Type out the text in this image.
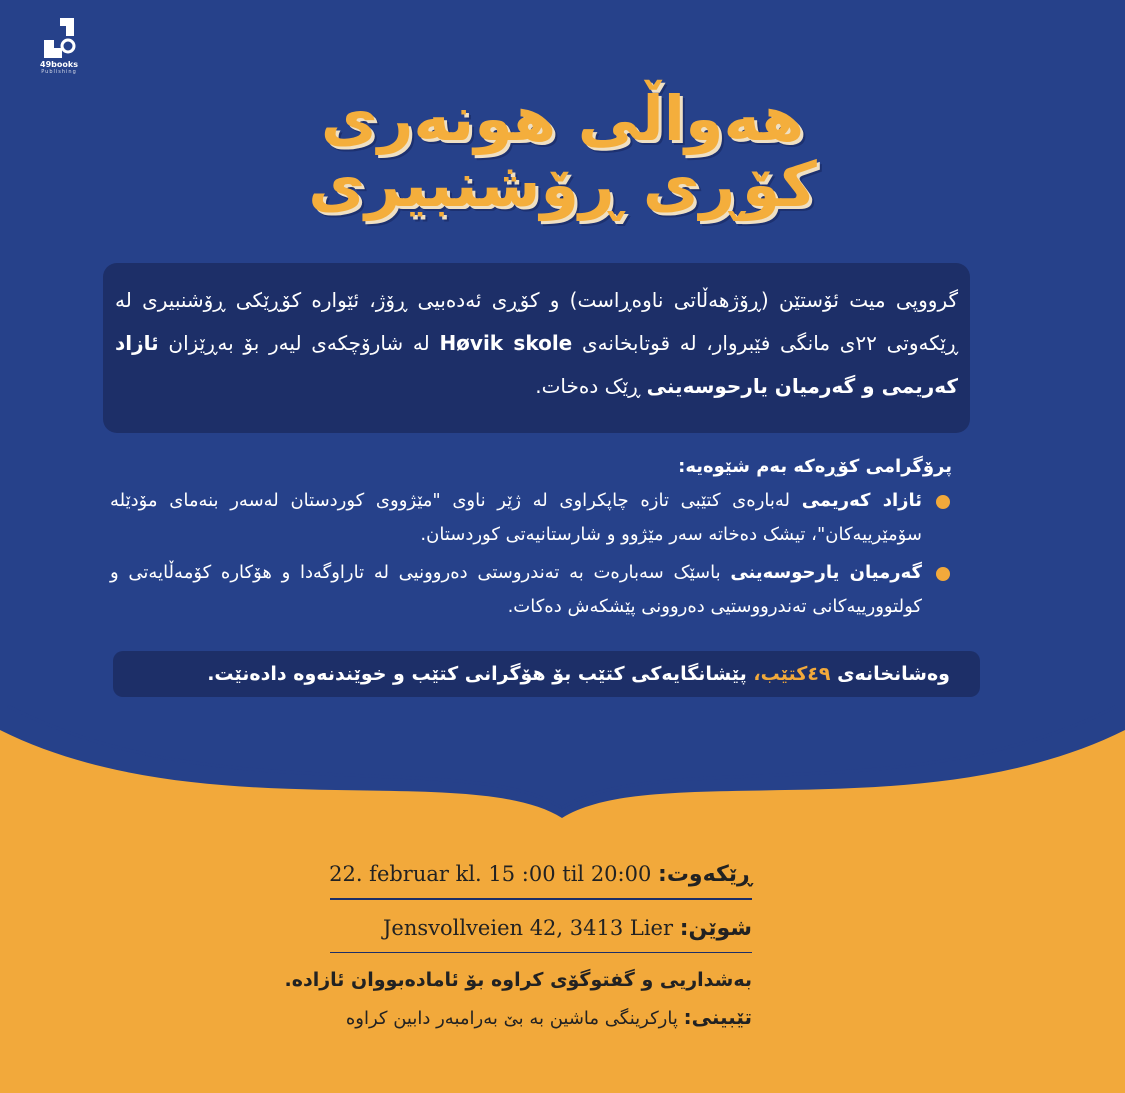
49books
Publishing
هەواڵی هونەری
کۆڕی ڕۆشنبیری
گرووپی میت ئۆستێن (ڕۆژهەڵاتی ناوەڕاست) و کۆڕی ئەدەبیی ڕۆژ، ئێوارە کۆڕێکی ڕۆشنبیری لە ڕێکەوتی ٢٢ی مانگی فێبروار، لە قوتابخانەی Høvik skole لە شارۆچکەی لیەر بۆ بەڕێزان ئازاد کەریمی و گەرمیان یارحوسەینی ڕێک دەخات.
پرۆگرامی کۆڕەکە بەم شێوەیە:
ئازاد کەریمی لەبارەی کتێبی تازە چاپکراوی لە ژێر ناوی "مێژووی کوردستان لەسەر بنەمای مۆدێلە سۆمێرییەکان"، تیشک دەخاتە سەر مێژوو و شارستانیەتی کوردستان.
گەرمیان یارحوسەینی باسێک سەبارەت بە تەندروستی دەروونیی لە تاراوگەدا و هۆکارە کۆمەڵایەتی و کولتوورییەکانی تەندرووستیی دەروونی پێشکەش دەکات.
وەشانخانەی ٤٩کتێب، پێشانگایەکی کتێب بۆ هۆگرانی کتێب و خوێندنەوە دادەنێت.
ڕێکەوت: 22. februar kl. 15 :00 til 20:00
شوێن: Jensvollveien 42, 3413 Lier
بەشداریی و گفتوگۆی کراوە بۆ ئامادەبووان ئازادە.
تێبینی: پارکرینگی ماشین بە بێ بەرامبەر دابین کراوە
